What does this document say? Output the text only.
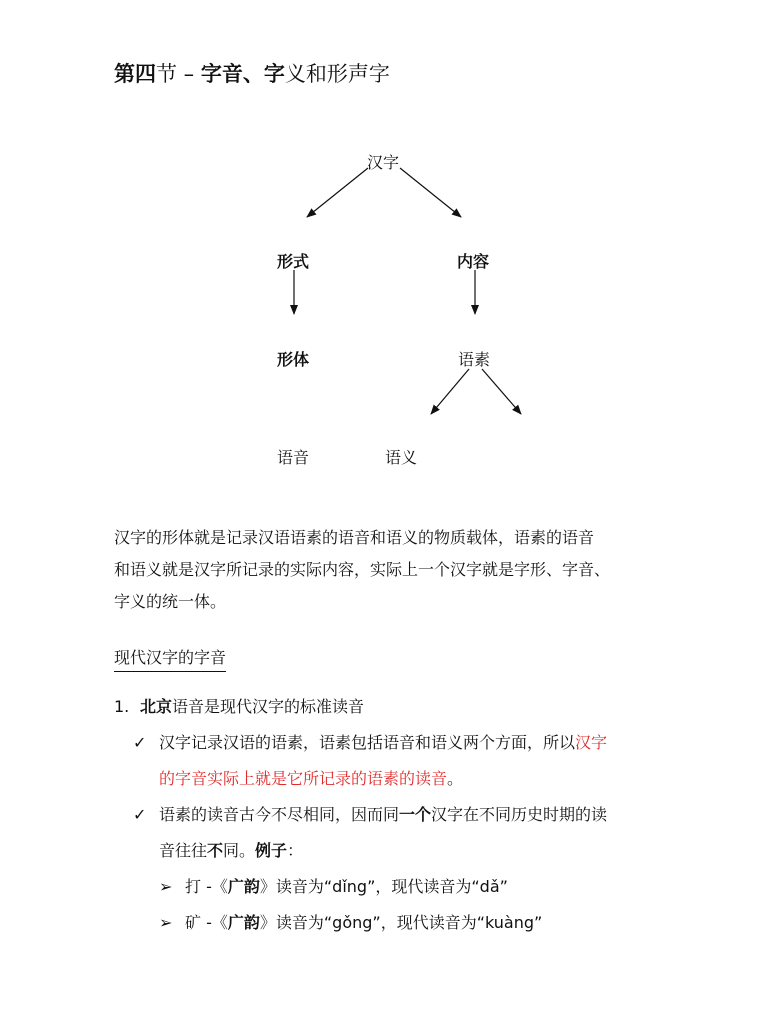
第四节 – 字音、字义和形声字
汉字
形式	内容
形体	语素
语音	语义
汉字的形体就是记录汉语语素的语音和语义的物质载体，语素的语音
和语义就是汉字所记录的实际内容，实际上一个汉字就是字形、字音、
字义的统一体。
现代汉字的字音
1. 北京语音是现代汉字的标准读音
✓ 汉字记录汉语的语素，语素包括语音和语义两个方面，所以汉字
的字音实际上就是它所记录的语素的读音。
✓ 语素的读音古今不尽相同，因而同一个汉字在不同历史时期的读
音往往不同。例子：
➢ 打 -《广韵》读音为“dǐng”，现代读音为“dǎ”
➢ 矿 -《广韵》读音为“gǒng”，现代读音为“kuàng”
